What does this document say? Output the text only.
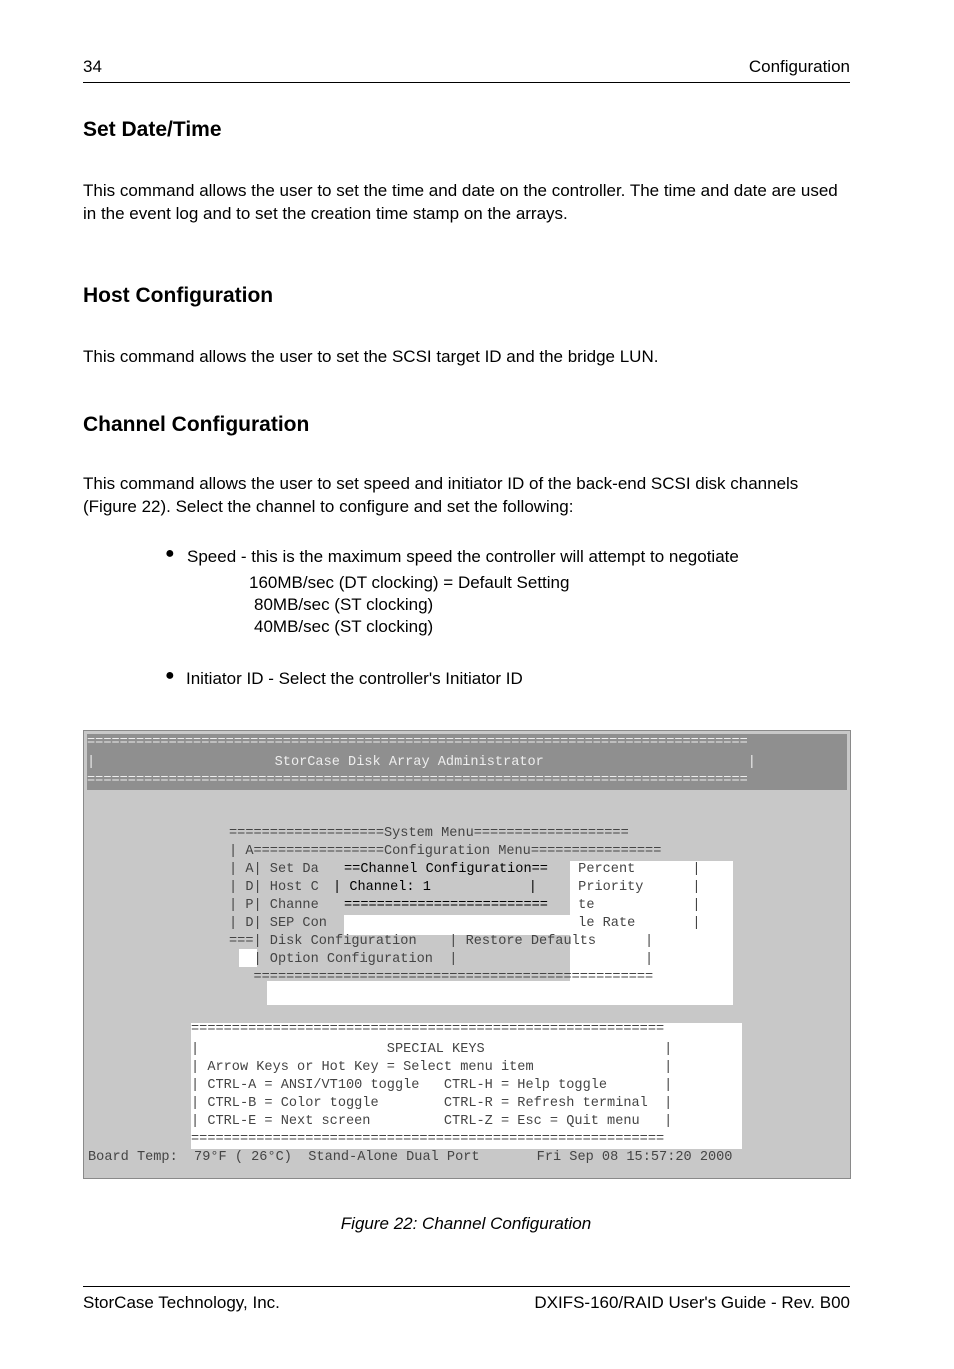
34	Configuration
Set Date/Time
This command allows the user to set the time and date on the controller. The time and date are used in the event log and to set the creation time stamp on the arrays.
Host Configuration
This command allows the user to set the SCSI target ID and the bridge LUN.
Channel Configuration
This command allows the user to set speed and initiator ID of the back-end SCSI disk channels (Figure 22). Select the channel to configure and set the following:
● Speed - this is the maximum speed the controller will attempt to negotiate
160MB/sec (DT clocking) = Default Setting
80MB/sec (ST clocking)
40MB/sec (ST clocking)
● Initiator ID - Select the controller's Initiator ID
=================================================================================
|                      StorCase Disk Array Administrator                         |
=================================================================================
===================System Menu===================
| A================Configuration Menu================
| A| Set Da
| D| Host C
| P| Channe
| D| SEP Con
===| Disk Configuration    | Restore Defaults      |
| Option Configuration  |                       |
=================================================
Percent       |
Priority      |
te            |
le Rate       |
==Channel Configuration==
| Channel: 1            |
=========================
==========================================================
|                       SPECIAL KEYS                      |
| Arrow Keys or Hot Key = Select menu item                |
| CTRL-A = ANSI/VT100 toggle   CTRL-H = Help toggle       |
| CTRL-B = Color toggle        CTRL-R = Refresh terminal  |
| CTRL-E = Next screen         CTRL-Z = Esc = Quit menu   |
==========================================================
Board Temp:  79°F ( 26°C)  Stand-Alone Dual Port       Fri Sep 08 15:57:20 2000
Figure 22: Channel Configuration
StorCase Technology, Inc.	DXIFS-160/RAID User's Guide - Rev. B00
